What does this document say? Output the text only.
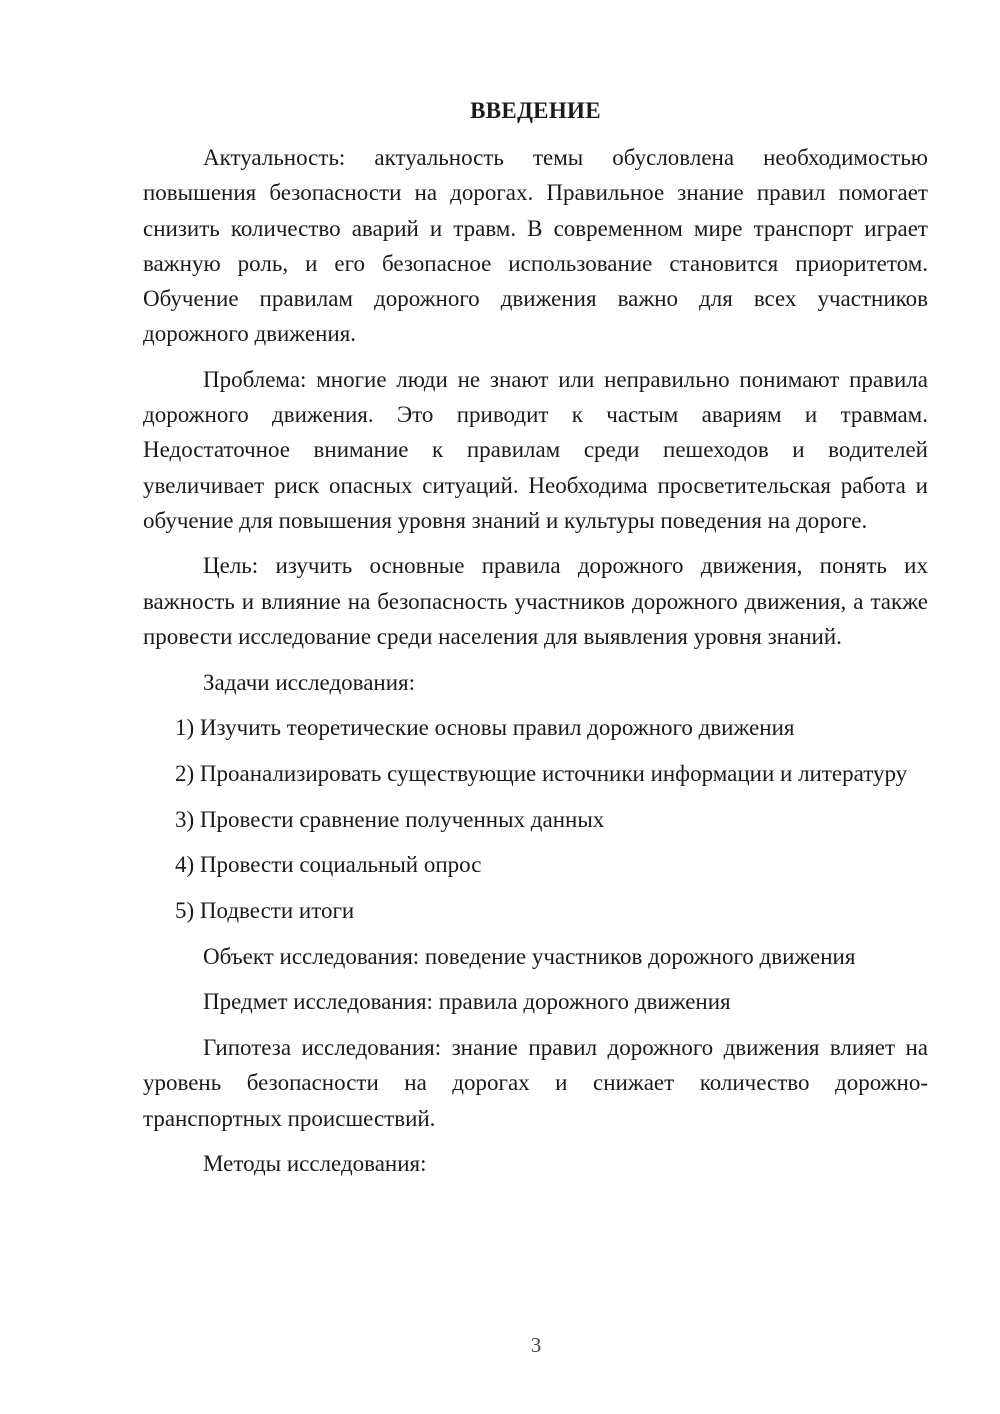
ВВЕДЕНИЕ

Актуальность: актуальность темы обусловлена необходимостью повышения безопасности на дорогах. Правильное знание правил помогает снизить количество аварий и травм. В современном мире транспорт играет важную роль, и его безопасное использование становится приоритетом. Обучение правилам дорожного движения важно для всех участников дорожного движения.

Проблема: многие люди не знают или неправильно понимают правила дорожного движения. Это приводит к частым авариям и травмам. Недостаточное внимание к правилам среди пешеходов и водителей увеличивает риск опасных ситуаций. Необходима просветительская работа и обучение для повышения уровня знаний и культуры поведения на дороге.

Цель: изучить основные правила дорожного движения, понять их важность и влияние на безопасность участников дорожного движения, а также провести исследование среди населения для выявления уровня знаний.

Задачи исследования:

1) Изучить теоретические основы правил дорожного движения

2) Проанализировать существующие источники информации и литературу

3) Провести сравнение полученных данных

4) Провести социальный опрос

5) Подвести итоги

Объект исследования: поведение участников дорожного движения

Предмет исследования: правила дорожного движения

Гипотеза исследования: знание правил дорожного движения влияет на уровень безопасности на дорогах и снижает количество дорожно-транспортных происшествий.

Методы исследования:

3
